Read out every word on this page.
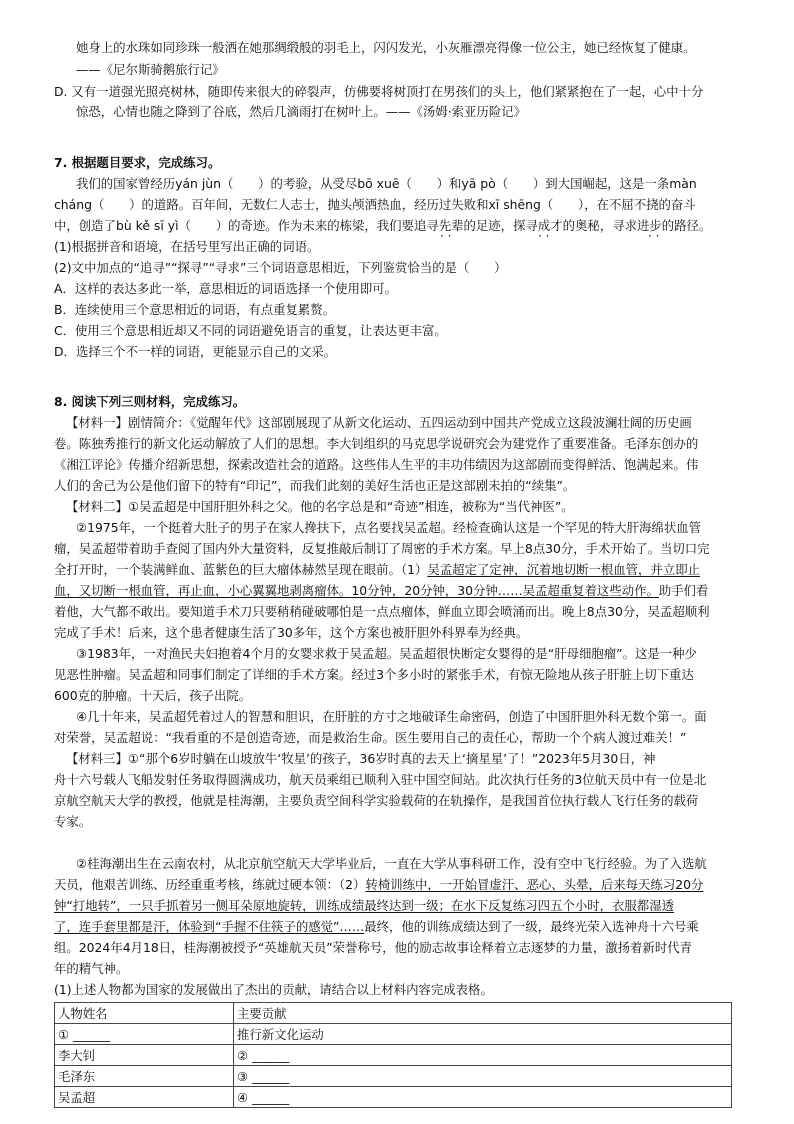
她身上的水珠如同珍珠一般洒在她那绸缎般的羽毛上，闪闪发光，小灰雁漂亮得像一位公主，她已经恢复了健康。
——《尼尔斯骑鹅旅行记》
D. 又有一道强光照亮树林，随即传来很大的碎裂声，仿佛要将树顶打在男孩们的头上，他们紧紧抱在了一起，心中十分
惊恐，心情也随之降到了谷底，然后几滴雨打在树叶上。——《汤姆·索亚历险记》
7. 根据题目要求，完成练习。
我们的国家曾经历yán jùn（　　）的考验，从受尽bō xuē（　　）和yā pò（　　）到大国崛起，这是一条màn
cháng（　　）的道路。百年间，无数仁人志士，抛头颅洒热血，经历过失败和xī shēng（　　），在不屈不挠的奋斗
中，创造了bù kě sī yì（　　）的奇迹。作为未来的栋梁，我们要追寻先辈的足迹，探寻成才的奥秘，寻求进步的路径。
· ·	· ·	· ·
(1)根据拼音和语境，在括号里写出正确的词语。
(2)文中加点的“追寻”“探寻”“寻求”三个词语意思相近，下列鉴赏恰当的是（　　）
A．这样的表达多此一举，意思相近的词语选择一个使用即可。
B．连续使用三个意思相近的词语，有点重复累赘。
C．使用三个意思相近却又不同的词语避免语言的重复，让表达更丰富。
D．选择三个不一样的词语，更能显示自己的文采。
8. 阅读下列三则材料，完成练习。
【材料一】剧情简介：《觉醒年代》这部剧展现了从新文化运动、五四运动到中国共产党成立这段波澜壮阔的历史画
卷。陈独秀推行的新文化运动解放了人们的思想。李大钊组织的马克思学说研究会为建党作了重要准备。毛泽东创办的
《湘江评论》传播介绍新思想，探索改造社会的道路。这些伟人生平的丰功伟绩因为这部剧而变得鲜活、饱满起来。伟
人们的舍己为公是他们留下的特有“印记”，而我们此刻的美好生活也正是这部剧未拍的“续集”。
【材料二】①吴孟超是中国肝胆外科之父。他的名字总是和“奇迹”相连，被称为“当代神医”。
②1975年，一个挺着大肚子的男子在家人搀扶下，点名要找吴孟超。经检查确认这是一个罕见的特大肝海绵状血管
瘤，吴孟超带着助手查阅了国内外大量资料，反复推敲后制订了周密的手术方案。早上8点30分，手术开始了。当切口完
全打开时，一个装满鲜血、蓝紫色的巨大瘤体赫然呈现在眼前。（1）吴孟超定了定神，沉着地切断一根血管，并立即止
血，又切断一根血管，再止血，小心翼翼地剥离瘤体。10分钟，20分钟，30分钟……吴孟超重复着这些动作。助手们看
着他，大气都不敢出。要知道手术刀只要稍稍碰破哪怕是一点点瘤体，鲜血立即会喷涌而出。晚上8点30分，吴孟超顺利
完成了手术！后来，这个患者健康生活了30多年，这个方案也被肝胆外科界奉为经典。
③1983年，一对渔民夫妇抱着4个月的女婴求救于吴孟超。吴孟超很快断定女婴得的是“肝母细胞瘤”。这是一种少
见恶性肿瘤。吴孟超和同事们制定了详细的手术方案。经过3个多小时的紧张手术，有惊无险地从孩子肝脏上切下重达
600克的肿瘤。十天后，孩子出院。
④几十年来，吴孟超凭着过人的智慧和胆识，在肝脏的方寸之地破译生命密码，创造了中国肝胆外科无数个第一。面
对荣誉，吴孟超说：“我看重的不是创造奇迹，而是救治生命。医生要用自己的责任心，帮助一个个病人渡过难关！”
【材料三】①“那个6岁时躺在山坡放牛‘牧星’的孩子，36岁时真的去天上‘摘星星’了！”2023年5月30日，神
舟十六号载人飞船发射任务取得圆满成功，航天员乘组已顺利入驻中国空间站。此次执行任务的3位航天员中有一位是北
京航空航天大学的教授，他就是桂海潮，主要负责空间科学实验载荷的在轨操作，是我国首位执行载人飞行任务的载荷
专家。
②桂海潮出生在云南农村，从北京航空航天大学毕业后，一直在大学从事科研工作，没有空中飞行经验。为了入选航
天员，他艰苦训练、历经重重考核，练就过硬本领：（2）转椅训练中，一开始冒虚汗、恶心、头晕，后来每天练习20分
钟“打地转”，一只手抓着另一侧耳朵原地旋转，训练成绩最终达到一级；在水下反复练习四五个小时，衣服都湿透
了，连手套里都是汗，体验到“手握不住筷子的感觉”……最终，他的训练成绩达到了一级，最终光荣入选神舟十六号乘
组。2024年4月18日，桂海潮被授予“英雄航天员”荣誉称号，他的励志故事诠释着立志逐梦的力量，激扬着新时代青
年的精气神。
(1)上述人物都为国家的发展做出了杰出的贡献，请结合以上材料内容完成表格。
人物姓名	主要贡献
① ______	推行新文化运动
李大钊	② ______
毛泽东	③ ______
吴孟超	④ ______
